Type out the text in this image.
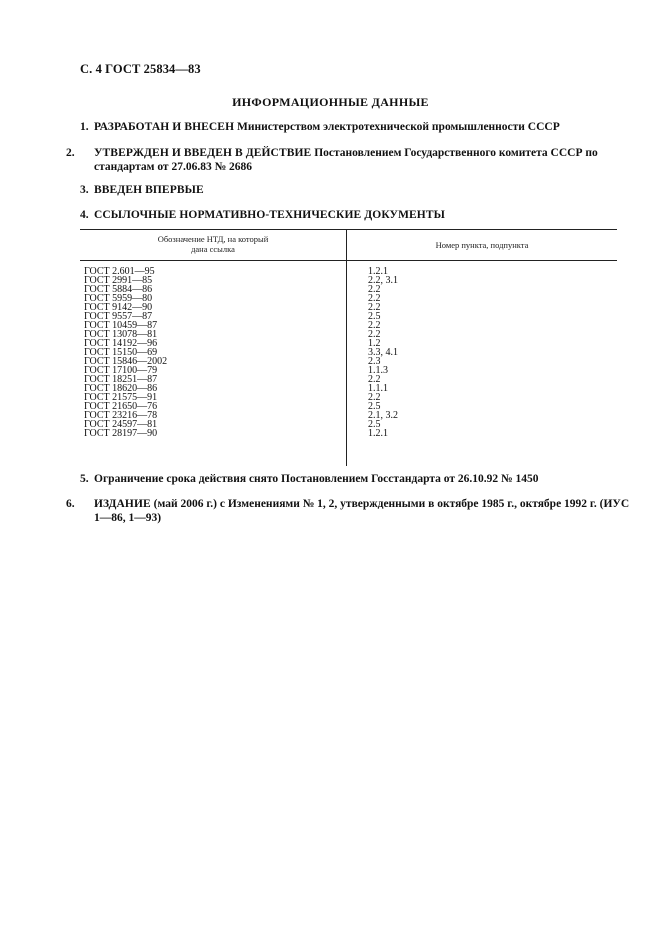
С. 4 ГОСТ 25834—83
ИНФОРМАЦИОННЫЕ ДАННЫЕ
1. РАЗРАБОТАН И ВНЕСЕН Министерством электротехнической промышленности СССР
2. УТВЕРЖДЕН И ВВЕДЕН В ДЕЙСТВИЕ Постановлением Государственного комитета СССР по стандартам от 27.06.83 № 2686
3. ВВЕДЕН ВПЕРВЫЕ
4. ССЫЛОЧНЫЕ НОРМАТИВНО-ТЕХНИЧЕСКИЕ ДОКУМЕНТЫ
Обозначение НТД, на который
дана ссылка	Номер пункта, подпункта
ГОСТ 2.601—95	1.2.1
ГОСТ 2991—85	2.2, 3.1
ГОСТ 5884—86	2.2
ГОСТ 5959—80	2.2
ГОСТ 9142—90	2.2
ГОСТ 9557—87	2.5
ГОСТ 10459—87	2.2
ГОСТ 13078—81	2.2
ГОСТ 14192—96	1.2
ГОСТ 15150—69	3.3, 4.1
ГОСТ 15846—2002	2.3
ГОСТ 17100—79	1.1.3
ГОСТ 18251—87	2.2
ГОСТ 18620—86	1.1.1
ГОСТ 21575—91	2.2
ГОСТ 21650—76	2.5
ГОСТ 23216—78	2.1, 3.2
ГОСТ 24597—81	2.5
ГОСТ 28197—90	1.2.1
5. Ограничение срока действия снято Постановлением Госстандарта от 26.10.92 № 1450
6. ИЗДАНИЕ (май 2006 г.) с Изменениями № 1, 2, утвержденными в октябре 1985 г., октябре 1992 г. (ИУС 1—86, 1—93)
